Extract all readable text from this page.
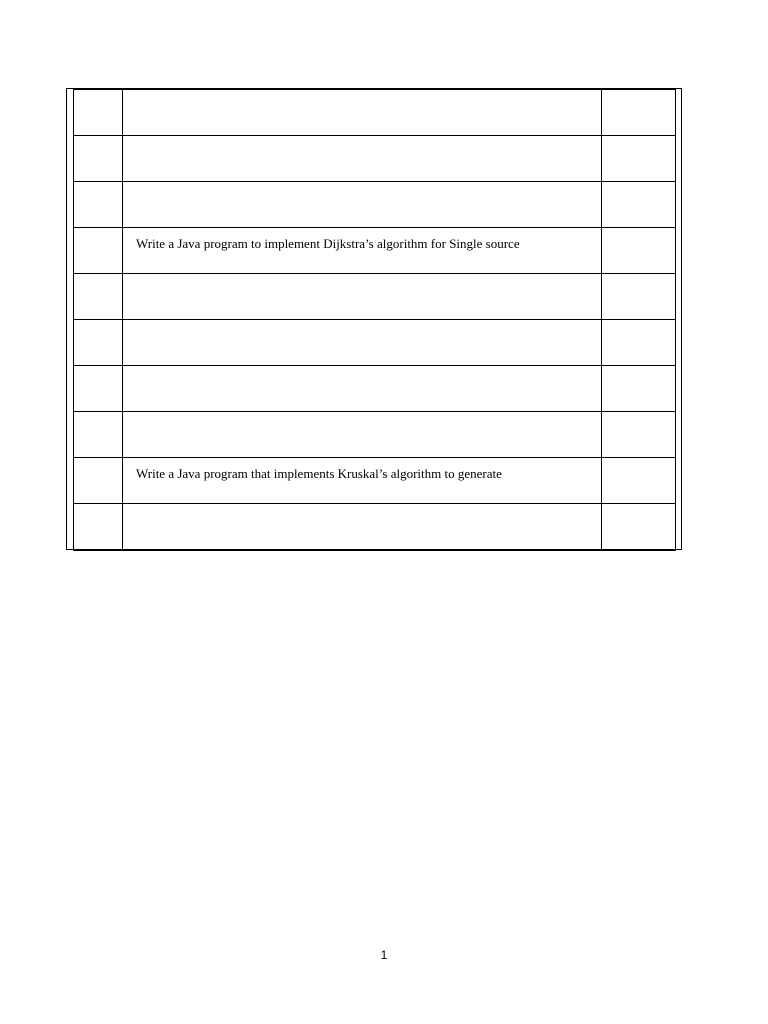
	Write a Java program to implement Dijkstra’s algorithm for Single source	

	Write a Java program that implements Kruskal’s algorithm to generate	

1
